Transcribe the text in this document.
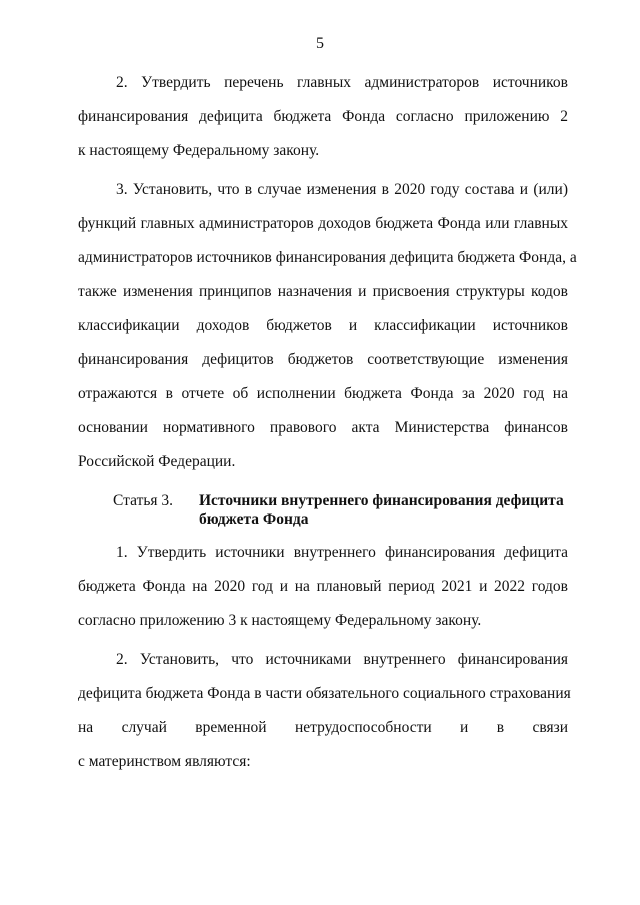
5
2. Утвердить перечень главных администраторов источников
финансирования дефицита бюджета Фонда согласно приложению 2
к настоящему Федеральному закону.
3. Установить, что в случае изменения в 2020 году состава и (или)
функций главных администраторов доходов бюджета Фонда или главных
администраторов источников финансирования дефицита бюджета Фонда, а
также изменения принципов назначения и присвоения структуры кодов
классификации доходов бюджетов и классификации источников
финансирования дефицитов бюджетов соответствующие изменения
отражаются в отчете об исполнении бюджета Фонда за 2020 год на
основании нормативного правового акта Министерства финансов
Российской Федерации.
Статья 3. Источники внутреннего финансирования дефицита
бюджета Фонда
1. Утвердить источники внутреннего финансирования дефицита
бюджета Фонда на 2020 год и на плановый период 2021 и 2022 годов
согласно приложению 3 к настоящему Федеральному закону.
2. Установить, что источниками внутреннего финансирования
дефицита бюджета Фонда в части обязательного социального страхования
на случай временной нетрудоспособности и в связи
с материнством являются:
